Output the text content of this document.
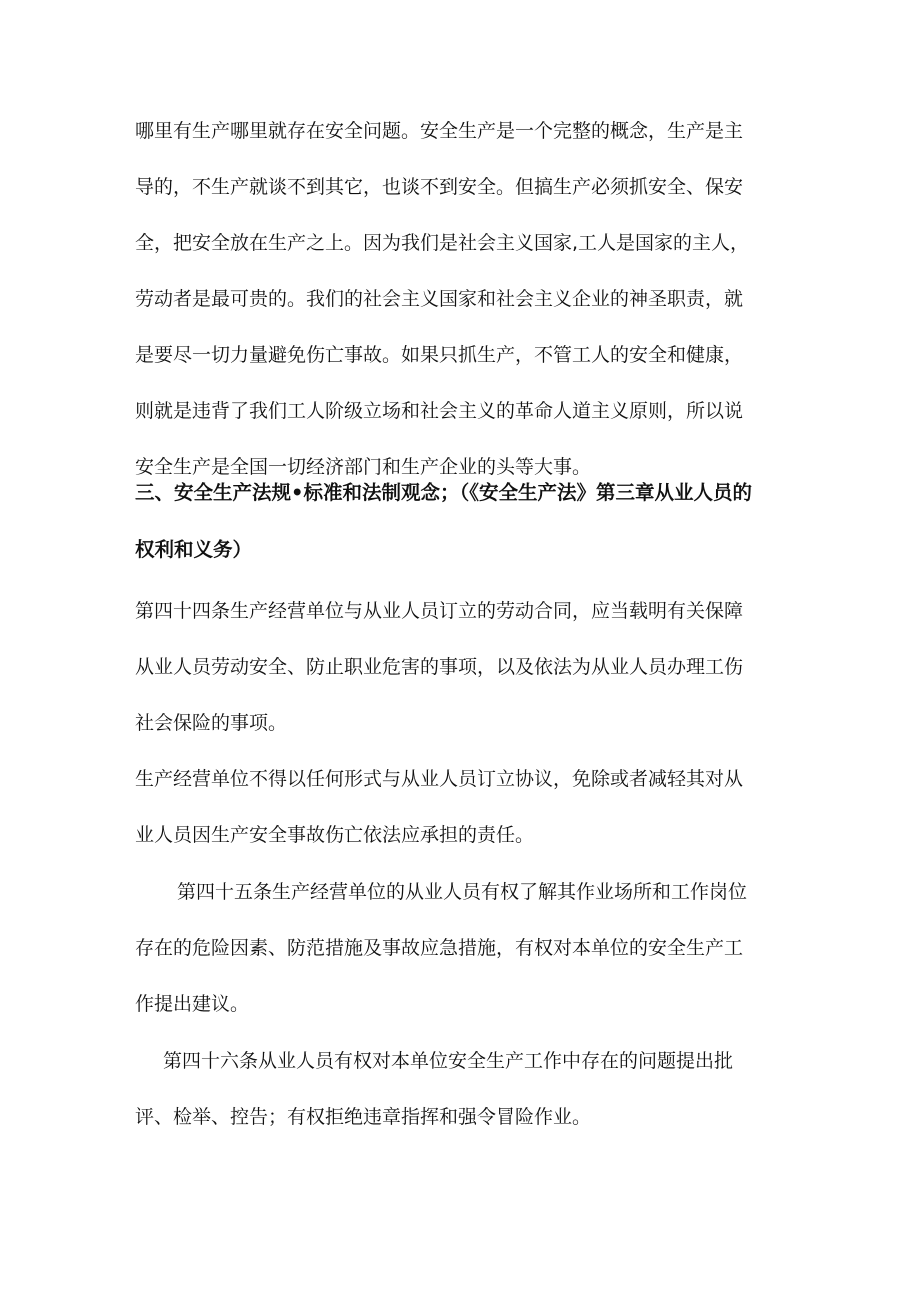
哪里有生产哪里就存在安全问题。安全生产是一个完整的概念，生产是主
导的，不生产就谈不到其它，也谈不到安全。但搞生产必须抓安全、保安
全，把安全放在生产之上。因为我们是社会主义国家,工人是国家的主人，
劳动者是最可贵的。我们的社会主义国家和社会主义企业的神圣职责，就
是要尽一切力量避免伤亡事故。如果只抓生产，不管工人的安全和健康，
则就是违背了我们工人阶级立场和社会主义的革命人道主义原则，所以说
安全生产是全国一切经济部门和生产企业的头等大事。
三、安全生产法规•标准和法制观念；（《安全生产法》第三章从业人员的
权利和义务）
第四十四条生产经营单位与从业人员订立的劳动合同，应当载明有关保障
从业人员劳动安全、防止职业危害的事项，以及依法为从业人员办理工伤
社会保险的事项。
生产经营单位不得以任何形式与从业人员订立协议，免除或者减轻其对从
业人员因生产安全事故伤亡依法应承担的责任。
第四十五条生产经营单位的从业人员有权了解其作业场所和工作岗位
存在的危险因素、防范措施及事故应急措施，有权对本单位的安全生产工
作提出建议。
第四十六条从业人员有权对本单位安全生产工作中存在的问题提出批
评、检举、控告；有权拒绝违章指挥和强令冒险作业。
